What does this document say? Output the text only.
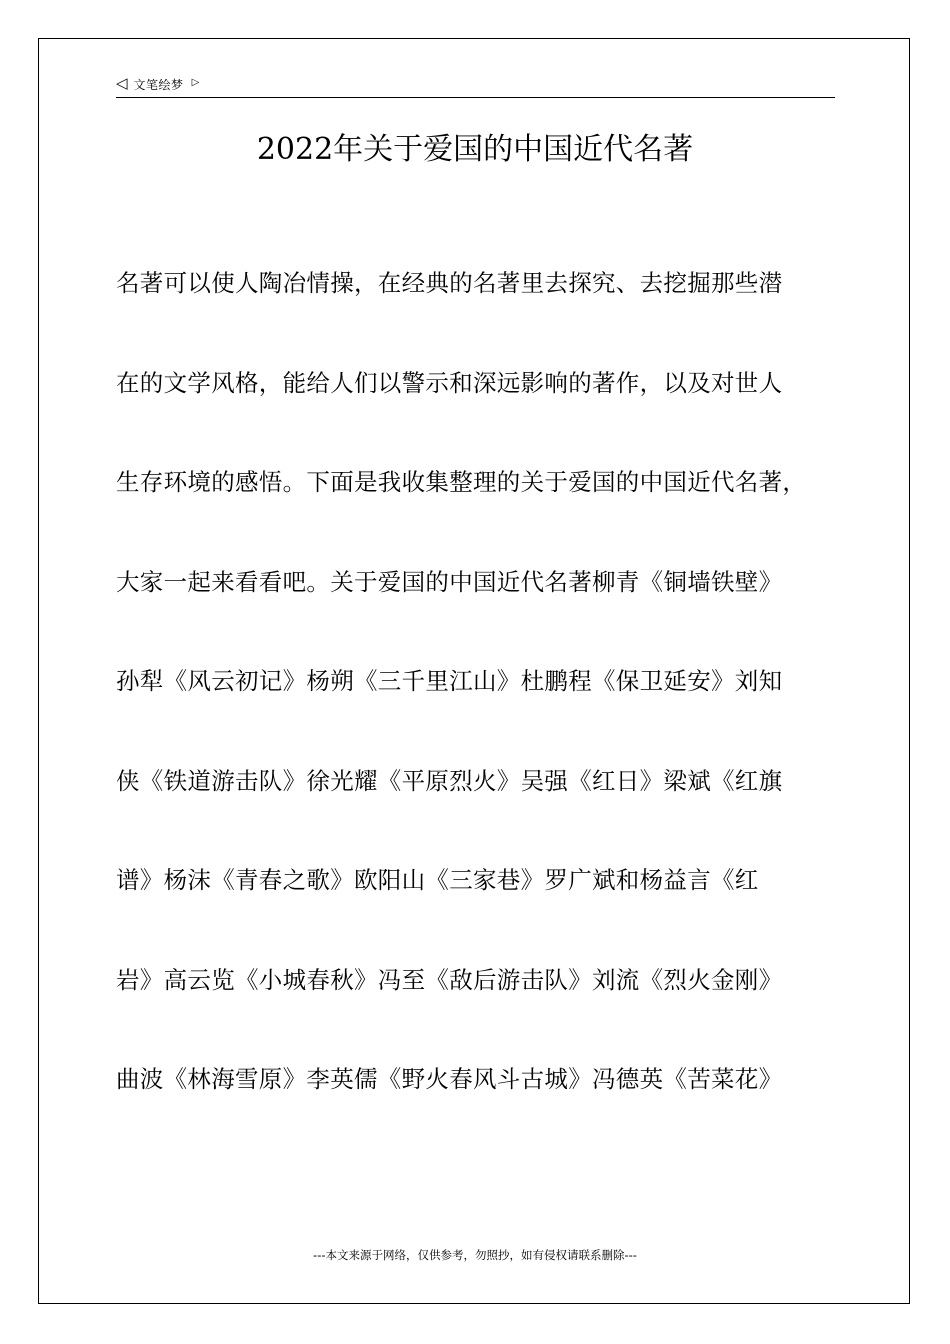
◁ 文笔绘梦 ▷
2022年关于爱国的中国近代名著
名著可以使人陶冶情操，在经典的名著里去探究、去挖掘那些潜
在的文学风格，能给人们以警示和深远影响的著作，以及对世人
生存环境的感悟。下面是我收集整理的关于爱国的中国近代名著，
大家一起来看看吧。关于爱国的中国近代名著柳青《铜墙铁壁》
孙犁《风云初记》杨朔《三千里江山》杜鹏程《保卫延安》刘知
侠《铁道游击队》徐光耀《平原烈火》吴强《红日》梁斌《红旗
谱》杨沫《青春之歌》欧阳山《三家巷》罗广斌和杨益言《红
岩》高云览《小城春秋》冯至《敌后游击队》刘流《烈火金刚》
曲波《林海雪原》李英儒《野火春风斗古城》冯德英《苦菜花》
---本文来源于网络，仅供参考，勿照抄，如有侵权请联系删除---
